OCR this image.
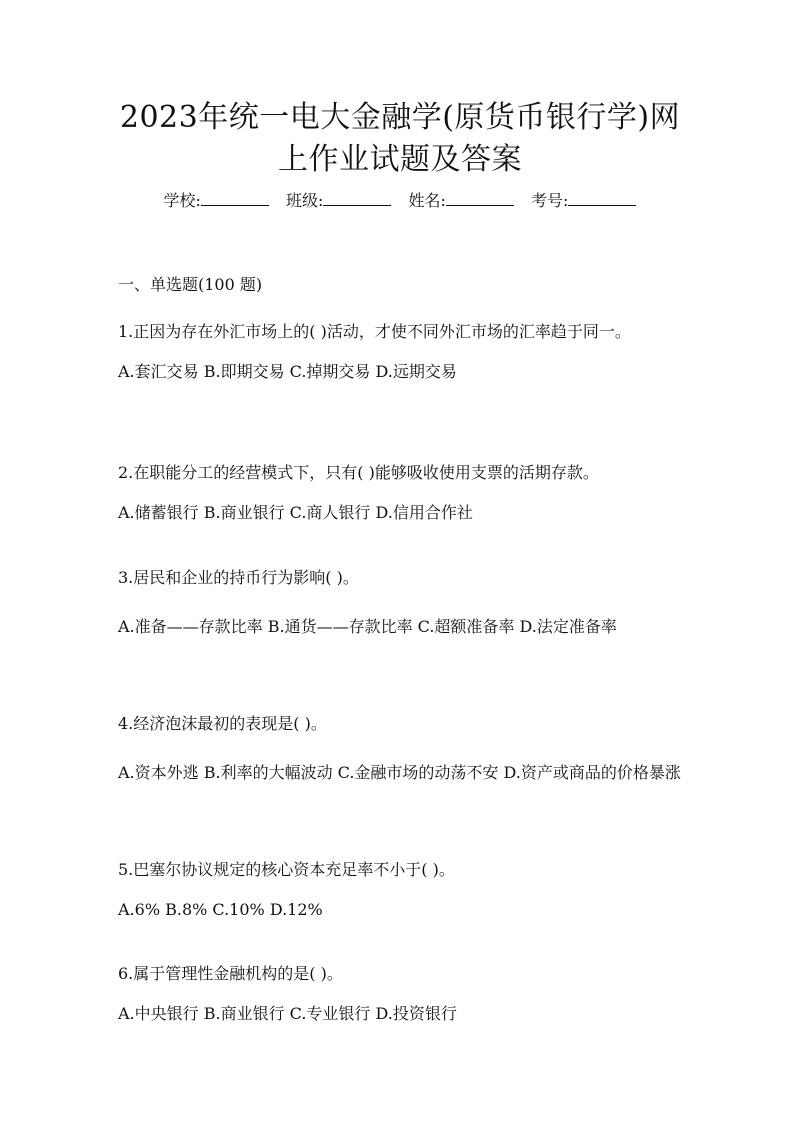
2023年统一电大金融学(原货币银行学)网
上作业试题及答案
学校:	班级:	姓名:	考号:
一、单选题(100 题)
1.正因为存在外汇市场上的( )活动，才使不同外汇市场的汇率趋于同一。
A.套汇交易 B.即期交易 C.掉期交易 D.远期交易
2.在职能分工的经营模式下，只有( )能够吸收使用支票的活期存款。
A.储蓄银行 B.商业银行 C.商人银行 D.信用合作社
3.居民和企业的持币行为影响( )。
A.准备——存款比率 B.通货——存款比率 C.超额准备率 D.法定准备率
4.经济泡沫最初的表现是( )。
A.资本外逃 B.利率的大幅波动 C.金融市场的动荡不安 D.资产或商品的价格暴涨
5.巴塞尔协议规定的核心资本充足率不小于( )。
A.6% B.8% C.10% D.12%
6.属于管理性金融机构的是( )。
A.中央银行 B.商业银行 C.专业银行 D.投资银行
